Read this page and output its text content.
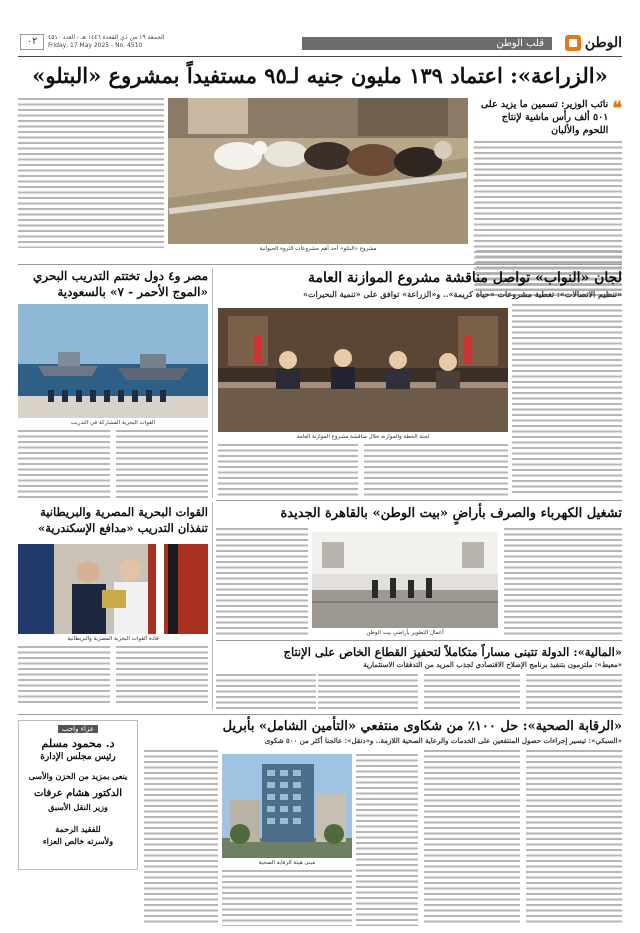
الوطن
قلب الوطن
الجمعة ١٩ من ذي القعدة ١٤٤٦ هـ - العدد ٤٥١٠
Friday, 17 May 2025 - No. 4510
٠٢
«الزراعة»: اعتماد ١٣٩ مليون جنيه لـ٩٥ مستفيداً بمشروع «البتلو»
❝
نائب الوزير: تسمين ما يزيد على ٥٠١ ألف رأس ماشية لإنتاج اللحوم والألبان
مشروع «البتلو» أحد أهم مشروعات الثروة الحيوانية
لجان «النواب» تواصل مناقشة مشروع الموازنة العامة
«تنظيم الاتصالات»: تغطية مشروعات «حياة كريمة».. و«الزراعة» توافق على «تنمية البحيرات»
لجنة الخطة والموازنة خلال مناقشة مشروع الموازنة العامة
مصر و٤ دول تختتم التدريب البحري «الموج الأحمر - ٧» بالسعودية
القوات البحرية المشاركة في التدريب
تشغيل الكهرباء والصرف بأراضٍ «بيت الوطن» بالقاهرة الجديدة
أعمال التطوير بأراضي بيت الوطن
القوات البحرية المصرية والبريطانية تنفذان التدريب «مدافع الإسكندرية»
قادة القوات البحرية المصرية والبريطانية
«المالية»: الدولة تتبنى مساراً متكاملاً لتحفيز القطاع الخاص على الإنتاج
«معيط»: ملتزمون بتنفيذ برنامج الإصلاح الاقتصادي لجذب المزيد من التدفقات الاستثمارية
«الرقابة الصحية»: حل ١٠٠٪ من شكاوى منتفعي «التأمين الشامل» بأبريل
«السبكي»: تيسير إجراءات حصول المنتفعين على الخدمات والرعاية الصحية اللازمة.. و«دنقل»: عالجنا أكثر من ٥٠٠ شكوى
مبنى هيئة الرقابة الصحية
عزاء واجب

د. محمود مسلم

رئيس مجلس الإدارة

ينعى بمزيد من الحزن والأسى

الدكتور هشام عرفات

وزير النقل الأسبق

للفقيد الرحمة

ولأسرته خالص العزاء
